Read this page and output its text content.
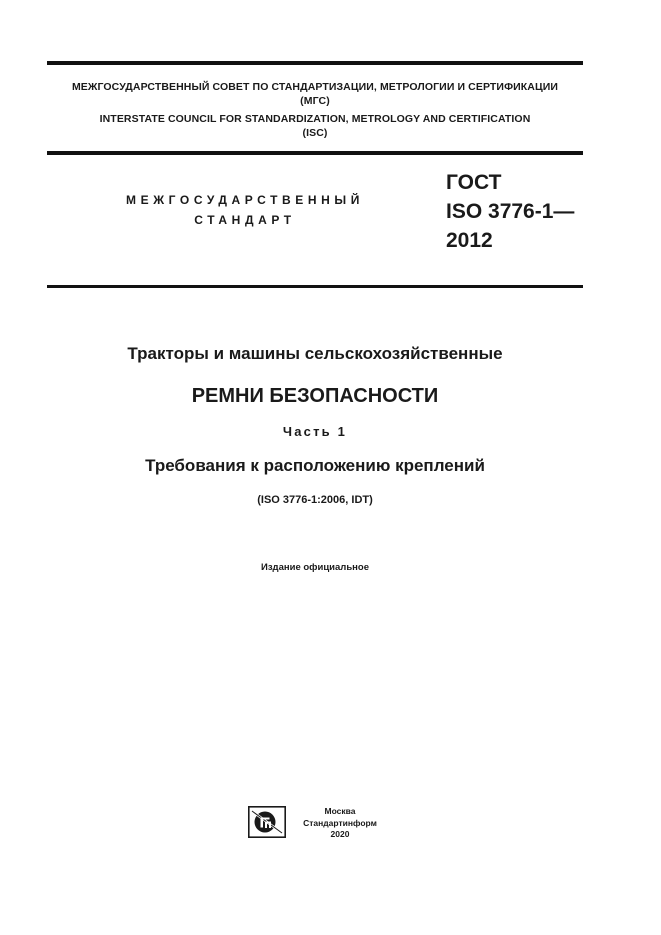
МЕЖГОСУДАРСТВЕННЫЙ СОВЕТ ПО СТАНДАРТИЗАЦИИ, МЕТРОЛОГИИ И СЕРТИФИКАЦИИ
(МГС)
INTERSTATE COUNCIL FOR STANDARDIZATION, METROLOGY AND CERTIFICATION
(ISC)
МЕЖГОСУДАРСТВЕННЫЙ
СТАНДАРТ
ГОСТ
ISO 3776-1—
2012
Тракторы и машины сельскохозяйственные
РЕМНИ БЕЗОПАСНОСТИ
Часть 1
Требования к расположению креплений
(ISO 3776-1:2006, IDT)
Издание официальное
Москва
Стандартинформ
2020
